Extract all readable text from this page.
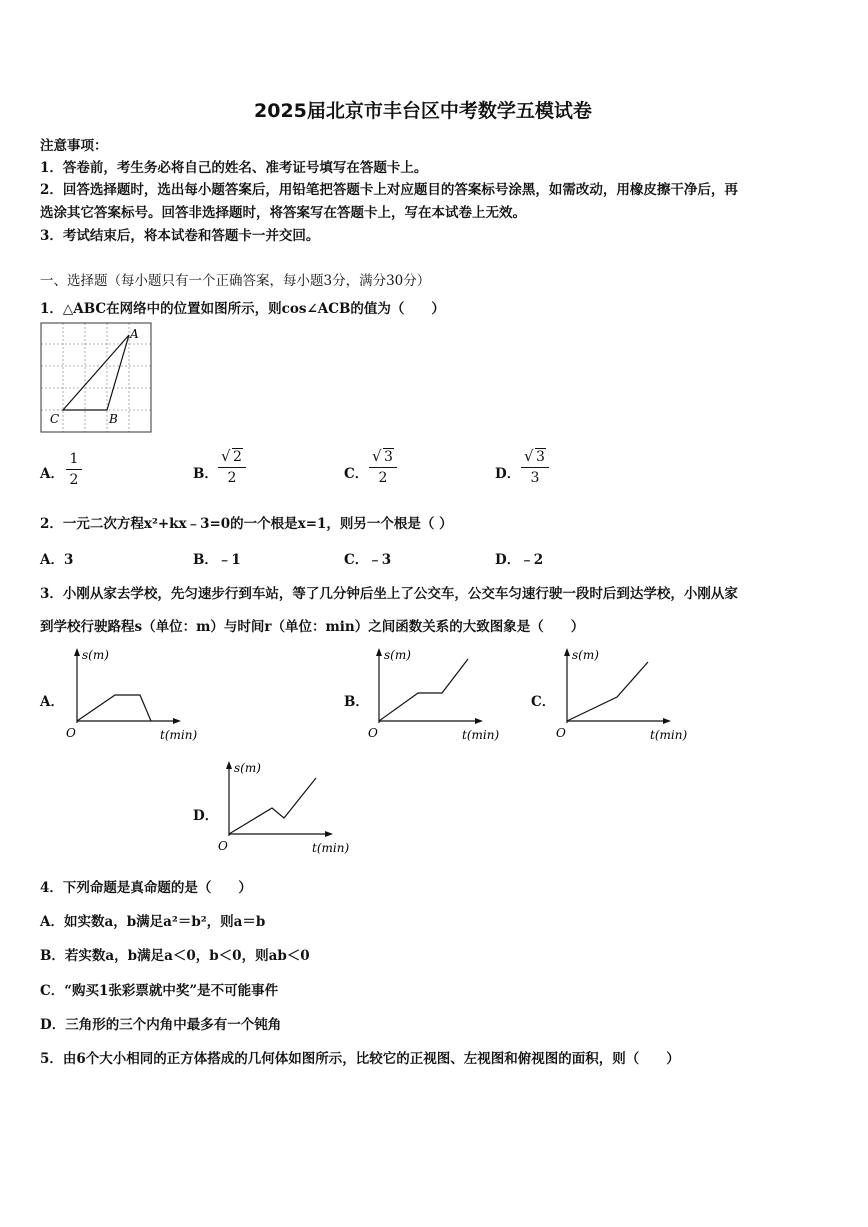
2025届北京市丰台区中考数学五模试卷
注意事项：
1．答卷前，考生务必将自己的姓名、准考证号填写在答题卡上。
2．回答选择题时，选出每小题答案后，用铅笔把答题卡上对应题目的答案标号涂黑，如需改动，用橡皮擦干净后，再
选涂其它答案标号。回答非选择题时，将答案写在答题卡上，写在本试卷上无效。
3．考试结束后，将本试卷和答题卡一并交回。
一、选择题（每小题只有一个正确答案，每小题3分，满分30分）
1．△ABC在网络中的位置如图所示，则cos∠ACB的值为（　　）
A
B
C
A．
1
2	B．
√ 2
2	C．
√ 3
2	D．
√ 3
3
2．一元二次方程x²+kx﹣3=0的一个根是x=1，则另一个根是（ ）
A．3	B．﹣1	C．﹣3	D．﹣2
3．小刚从家去学校，先匀速步行到车站，等了几分钟后坐上了公交车，公交车匀速行驶一段时后到达学校，小刚从家
到学校行驶路程s（单位：m）与时间r（单位：min）之间函数关系的大致图象是（　　）
A．
s(m)
t(min)
O
B．
s(m)
t(min)
O
C．
s(m)
t(min)
O
D．
s(m)
t(min)
O
4．下列命题是真命题的是（　　）
A．如实数a，b满足a²＝b²，则a＝b
B．若实数a，b满足a＜0，b＜0，则ab＜0
C．“购买1张彩票就中奖”是不可能事件
D．三角形的三个内角中最多有一个钝角
5．由6个大小相同的正方体搭成的几何体如图所示，比较它的正视图、左视图和俯视图的面积，则（　　）
